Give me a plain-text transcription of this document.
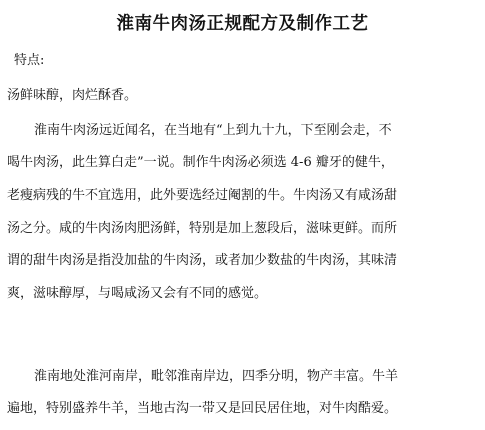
淮南牛肉汤正规配方及制作工艺

特点:

汤鲜味醇，肉烂酥香。

淮南牛肉汤远近闻名，在当地有“上到九十九，下至刚会走，不

喝牛肉汤，此生算白走”一说。制作牛肉汤必须选 4-6 瓣牙的健牛，

老瘦病残的牛不宜选用，此外要选经过阉割的牛。牛肉汤又有咸汤甜

汤之分。咸的牛肉汤肉肥汤鲜，特别是加上葱段后，滋味更鲜。而所

谓的甜牛肉汤是指没加盐的牛肉汤，或者加少数盐的牛肉汤，其味清

爽，滋味醇厚，与喝咸汤又会有不同的感觉。

淮南地处淮河南岸，毗邻淮南岸边，四季分明，物产丰富。牛羊

遍地，特别盛养牛羊，当地古沟一带又是回民居住地，对牛肉酷爱。
